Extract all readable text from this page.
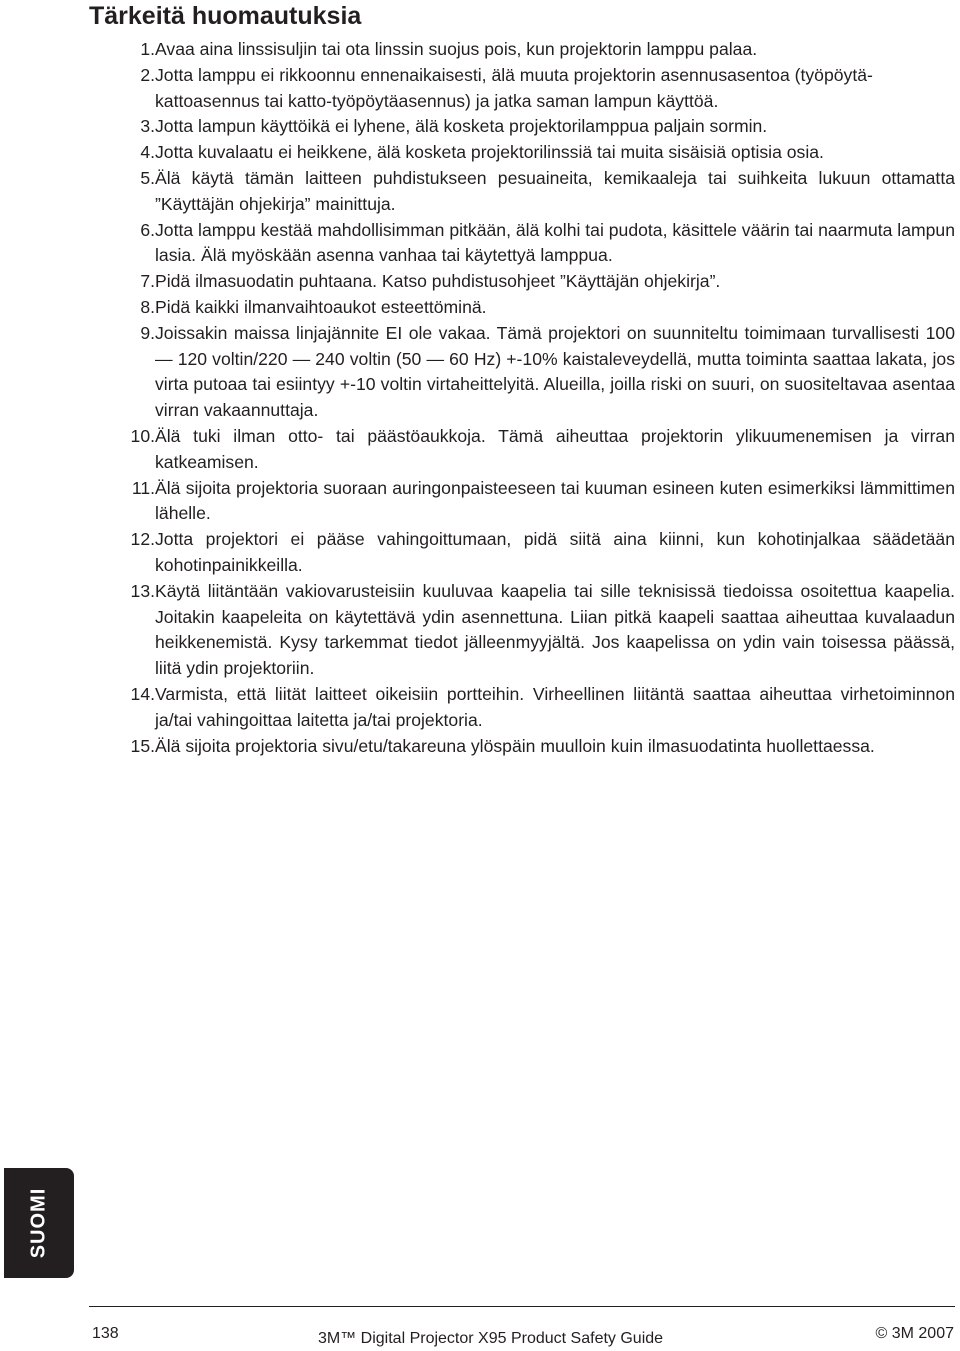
Tärkeitä huomautuksia
1. Avaa aina linssisuljin tai ota linssin suojus pois, kun projektorin lamppu palaa.
2. Jotta lamppu ei rikkoonnu ennenaikaisesti, älä muuta projektorin asennusasentoa (työpöytä-kattoasennus tai katto-työpöytäasennus) ja jatka saman lampun käyttöä.
3. Jotta lampun käyttöikä ei lyhene, älä kosketa projektorilamppua paljain sormin.
4. Jotta kuvalaatu ei heikkene, älä kosketa projektorilinssiä tai muita sisäisiä optisia osia.
5. Älä käytä tämän laitteen puhdistukseen pesuaineita, kemikaaleja tai suihkeita lukuun ottamatta ”Käyttäjän ohjekirja” mainittuja.
6. Jotta lamppu kestää mahdollisimman pitkään, älä kolhi tai pudota, käsittele väärin tai naarmuta lampun lasia. Älä myöskään asenna vanhaa tai käytettyä lamppua.
7. Pidä ilmasuodatin puhtaana. Katso puhdistusohjeet ”Käyttäjän ohjekirja”.
8. Pidä kaikki ilmanvaihtoaukot esteettöminä.
9. Joissakin maissa linjajännite EI ole vakaa. Tämä projektori on suunniteltu toimimaan turvallisesti 100 — 120 voltin/220 — 240 voltin (50 — 60 Hz) +-10% kaistaleveydellä, mutta toiminta saattaa lakata, jos virta putoaa tai esiintyy +-10 voltin virtaheittelyitä. Alueilla, joilla riski on suuri, on suositeltavaa asentaa virran vakaannuttaja.
10. Älä tuki ilman otto- tai päästöaukkoja. Tämä aiheuttaa projektorin ylikuumenemisen ja virran katkeamisen.
11. Älä sijoita projektoria suoraan auringonpaisteeseen tai kuuman esineen kuten esimerkiksi lämmittimen lähelle.
12. Jotta projektori ei pääse vahingoittumaan, pidä siitä aina kiinni, kun kohotinjalkaa säädetään kohotinpainikkeilla.
13. Käytä liitäntään vakiovarusteisiin kuuluvaa kaapelia tai sille teknisissä tiedoissa osoitettua kaapelia. Joitakin kaapeleita on käytettävä ydin asennettuna. Liian pitkä kaapeli saattaa aiheuttaa kuvalaadun heikkenemistä. Kysy tarkemmat tiedot jälleenmyyjältä. Jos kaapelissa on ydin vain toisessa päässä, liitä ydin projektoriin.
14. Varmista, että liität laitteet oikeisiin portteihin. Virheellinen liitäntä saattaa aiheuttaa virhetoiminnon ja/tai vahingoittaa laitetta ja/tai projektoria.
15. Älä sijoita projektoria sivu/etu/takareuna ylöspäin muulloin kuin ilmasuodatinta huollettaessa.
SUOMI
138	3M™ Digital Projector X95 Product Safety Guide	© 3M 2007
